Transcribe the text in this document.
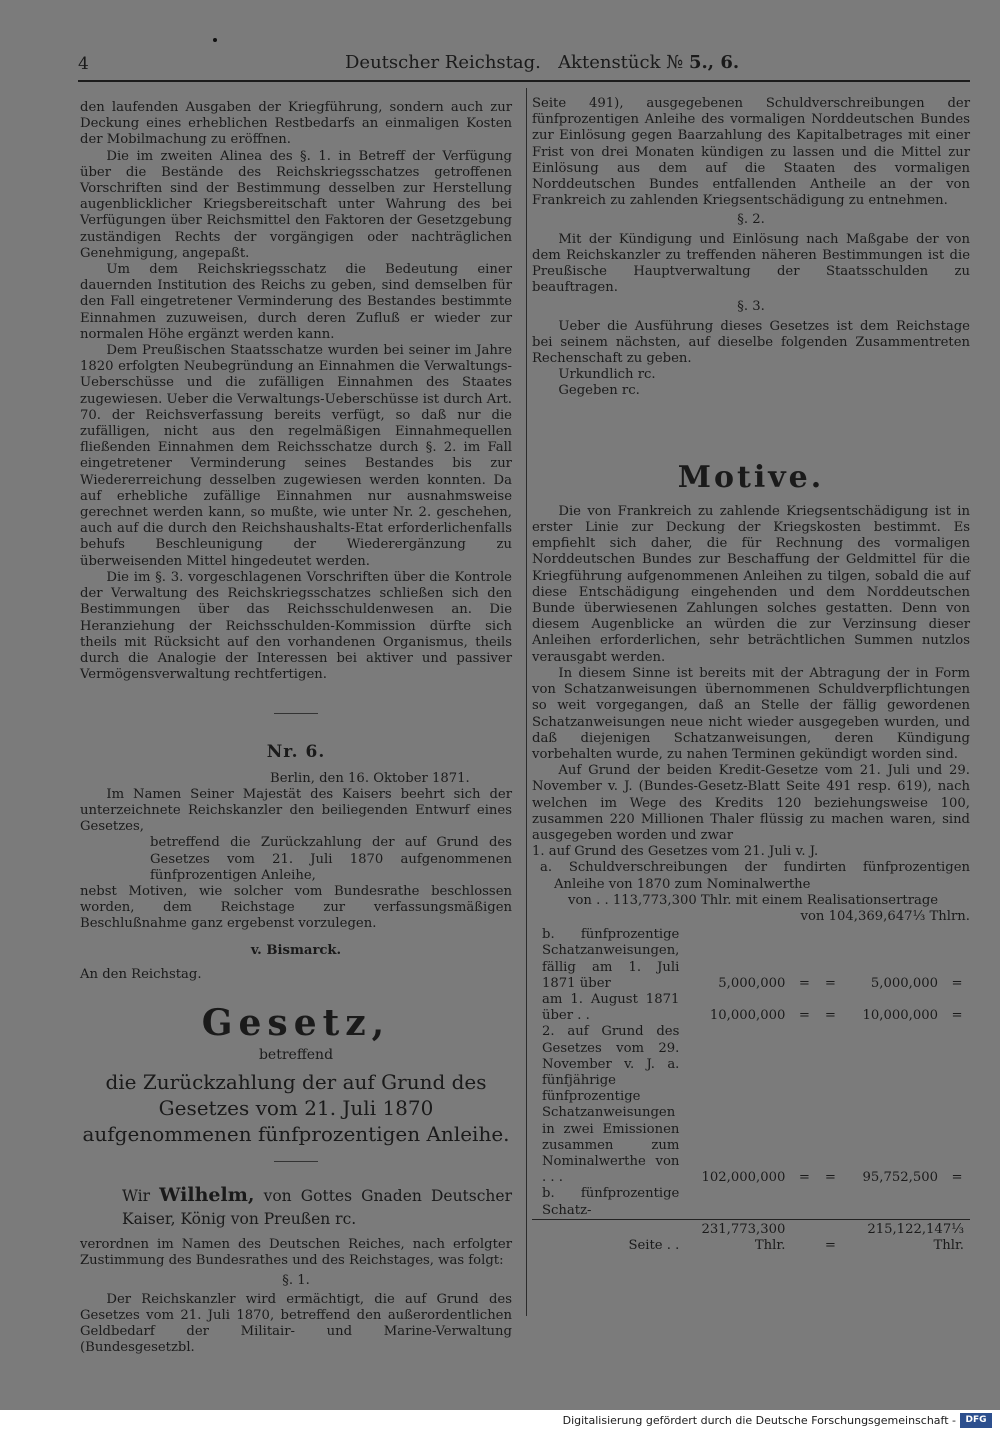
4	Deutscher Reichstag. Aktenstück № 5., 6.

den laufenden Ausgaben der Kriegführung, sondern auch zur Deckung eines erheblichen Restbedarfs an einmaligen Kosten der Mobilmachung zu eröffnen.

Die im zweiten Alinea des §. 1. in Betreff der Verfügung über die Bestände des Reichskriegsschatzes getroffenen Vorschriften sind der Bestimmung desselben zur Herstellung augenblicklicher Kriegsbereitschaft unter Wahrung des bei Verfügungen über Reichsmittel den Faktoren der Gesetzgebung zuständigen Rechts der vorgängigen oder nachträglichen Genehmigung, angepaßt.

Um dem Reichskriegsschatz die Bedeutung einer dauernden Institution des Reichs zu geben, sind demselben für den Fall eingetretener Verminderung des Bestandes bestimmte Einnahmen zuzuweisen, durch deren Zufluß er wieder zur normalen Höhe ergänzt werden kann.

Dem Preußischen Staatsschatze wurden bei seiner im Jahre 1820 erfolgten Neubegründung an Einnahmen die Verwaltungs-Ueberschüsse und die zufälligen Einnahmen des Staates zugewiesen. Ueber die Verwaltungs-Ueberschüsse ist durch Art. 70. der Reichsverfassung bereits verfügt, so daß nur die zufälligen, nicht aus den regelmäßigen Einnahmequellen fließenden Einnahmen dem Reichsschatze durch §. 2. im Fall eingetretener Verminderung seines Bestandes bis zur Wiedererreichung desselben zugewiesen werden konnten. Da auf erhebliche zufällige Einnahmen nur ausnahmsweise gerechnet werden kann, so mußte, wie unter Nr. 2. geschehen, auch auf die durch den Reichshaushalts-Etat erforderlichenfalls behufs Beschleunigung der Wiederergänzung zu überweisenden Mittel hingedeutet werden.

Die im §. 3. vorgeschlagenen Vorschriften über die Kontrole der Verwaltung des Reichskriegsschatzes schließen sich den Bestimmungen über das Reichsschuldenwesen an. Die Heranziehung der Reichsschulden-Kommission dürfte sich theils mit Rücksicht auf den vorhandenen Organismus, theils durch die Analogie der Interessen bei aktiver und passiver Vermögensverwaltung rechtfertigen.

Nr. 6.

Berlin, den 16. Oktober 1871.

Im Namen Seiner Majestät des Kaisers beehrt sich der unterzeichnete Reichskanzler den beiliegenden Entwurf eines Gesetzes,

betreffend die Zurückzahlung der auf Grund des Gesetzes vom 21. Juli 1870 aufgenommenen fünfprozentigen Anleihe,

nebst Motiven, wie solcher vom Bundesrathe beschlossen worden, dem Reichstage zur verfassungsmäßigen Beschlußnahme ganz ergebenst vorzulegen.

v. Bismarck.

An den Reichstag.

Gesetz,

betreffend

die Zurückzahlung der auf Grund des Gesetzes vom 21. Juli 1870 aufgenommenen fünfprozentigen Anleihe.

Wir Wilhelm, von Gottes Gnaden Deutscher Kaiser, König von Preußen rc.

verordnen im Namen des Deutschen Reiches, nach erfolgter Zustimmung des Bundesrathes und des Reichstages, was folgt:

§. 1.

Der Reichskanzler wird ermächtigt, die auf Grund des Gesetzes vom 21. Juli 1870, betreffend den außerordentlichen Geldbedarf der Militair- und Marine-Verwaltung (Bundesgesetzbl.

Seite 491), ausgegebenen Schuldverschreibungen der fünfprozentigen Anleihe des vormaligen Norddeutschen Bundes zur Einlösung gegen Baarzahlung des Kapitalbetrages mit einer Frist von drei Monaten kündigen zu lassen und die Mittel zur Einlösung aus dem auf die Staaten des vormaligen Norddeutschen Bundes entfallenden Antheile an der von Frankreich zu zahlenden Kriegsentschädigung zu entnehmen.

§. 2.

Mit der Kündigung und Einlösung nach Maßgabe der von dem Reichskanzler zu treffenden näheren Bestimmungen ist die Preußische Hauptverwaltung der Staatsschulden zu beauftragen.

§. 3.

Ueber die Ausführung dieses Gesetzes ist dem Reichstage bei seinem nächsten, auf dieselbe folgenden Zusammentreten Rechenschaft zu geben.

Urkundlich rc.

Gegeben rc.

Motive.

Die von Frankreich zu zahlende Kriegsentschädigung ist in erster Linie zur Deckung der Kriegskosten bestimmt. Es empfiehlt sich daher, die für Rechnung des vormaligen Norddeutschen Bundes zur Beschaffung der Geldmittel für die Kriegführung aufgenommenen Anleihen zu tilgen, sobald die auf diese Entschädigung eingehenden und dem Norddeutschen Bunde überwiesenen Zahlungen solches gestatten. Denn von diesem Augenblicke an würden die zur Verzinsung dieser Anleihen erforderlichen, sehr beträchtlichen Summen nutzlos verausgabt werden.

In diesem Sinne ist bereits mit der Abtragung der in Form von Schatzanweisungen übernommenen Schuldverpflichtungen so weit vorgegangen, daß an Stelle der fällig gewordenen Schatzanweisungen neue nicht wieder ausgegeben wurden, und daß diejenigen Schatzanweisungen, deren Kündigung vorbehalten wurde, zu nahen Terminen gekündigt worden sind.

Auf Grund der beiden Kredit-Gesetze vom 21. Juli und 29. November v. J. (Bundes-Gesetz-Blatt Seite 491 resp. 619), nach welchen im Wege des Kredits 120 beziehungsweise 100, zusammen 220 Millionen Thaler flüssig zu machen waren, sind ausgegeben worden und zwar

1. auf Grund des Gesetzes vom 21. Juli v. J.

a. Schuldverschreibungen der fundirten fünfprozentigen Anleihe von 1870 zum Nominalwerthe

von . . 113,773,300 Thlr. mit einem Realisationsertrage

von 104,369,647⅓ Thlrn.

b. fünfprozentige Schatzanweisungen, fällig am 1. Juli 1871 über	5,000,000	=	=	5,000,000	=
am 1. August 1871 über . .	10,000,000	=	=	10,000,000	=
2. auf Grund des Gesetzes vom 29. November v. J. a. fünfjährige fünfprozentige Schatzanweisungen in zwei Emissionen zusammen zum Nominalwerthe von . . .	102,000,000	=	=	95,752,500	=
b. fünfprozentige Schatz-					
Seite . .	231,773,300 Thlr.		=	215,122,147⅓ Thlr.	
Digitalisierung gefördert durch die Deutsche Forschungsgemeinschaft -	DFG
